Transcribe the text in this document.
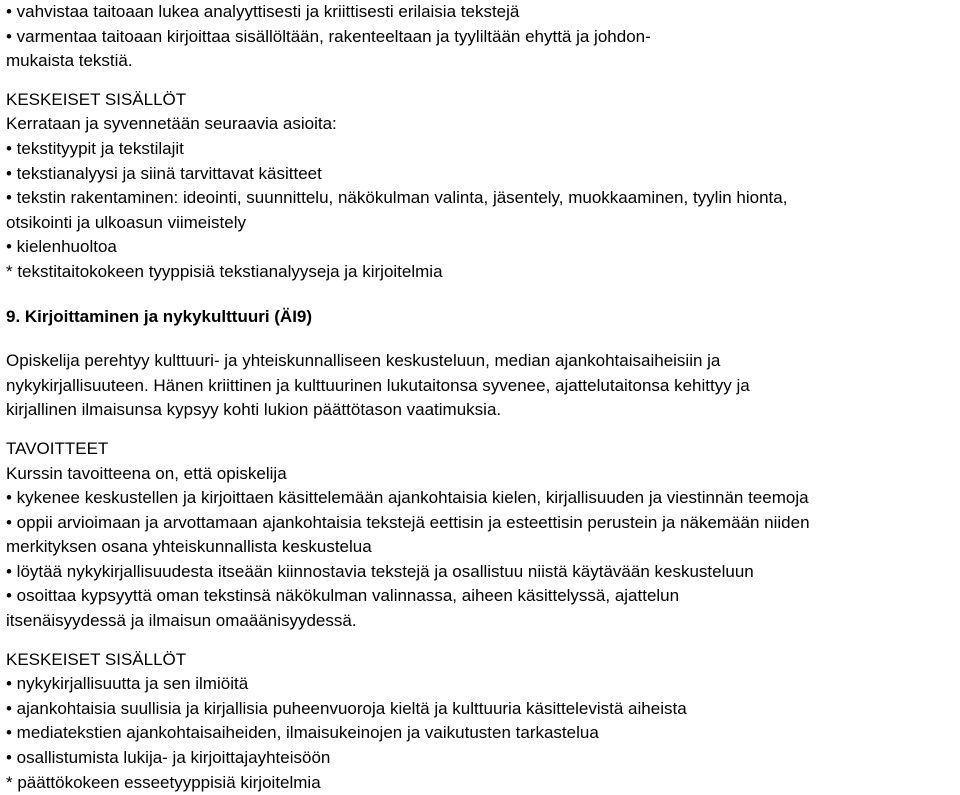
• vahvistaa taitoaan lukea analyyttisesti ja kriittisesti erilaisia tekstejä
• varmentaa taitoaan kirjoittaa sisällöltään, rakenteeltaan ja tyyliltään ehyttä ja johdon-
mukaista tekstiä.
KESKEISET SISÄLLÖT
Kerrataan ja syvennetään seuraavia asioita:
• tekstityypit ja tekstilajit
• tekstianalyysi ja siinä tarvittavat käsitteet
• tekstin rakentaminen: ideointi, suunnittelu, näkökulman valinta, jäsentely, muokkaaminen, tyylin hionta,
otsikointi ja ulkoasun viimeistely
• kielenhuoltoa
* tekstitaitokokeen tyyppisiä tekstianalyyseja ja kirjoitelmia
9. Kirjoittaminen ja nykykulttuuri (ÄI9)
Opiskelija perehtyy kulttuuri- ja yhteiskunnalliseen keskusteluun, median ajankohtaisaiheisiin ja
nykykirjallisuuteen. Hänen kriittinen ja kulttuurinen lukutaitonsa syvenee, ajattelutaitonsa kehittyy ja
kirjallinen ilmaisunsa kypsyy kohti lukion päättötason vaatimuksia.
TAVOITTEET
Kurssin tavoitteena on, että opiskelija
• kykenee keskustellen ja kirjoittaen käsittelemään ajankohtaisia kielen, kirjallisuuden ja viestinnän teemoja
• oppii arvioimaan ja arvottamaan ajankohtaisia tekstejä eettisin ja esteettisin perustein ja näkemään niiden
merkityksen osana yhteiskunnallista keskustelua
• löytää nykykirjallisuudesta itseään kiinnostavia tekstejä ja osallistuu niistä käytävään keskusteluun
• osoittaa kypsyyttä oman tekstinsä näkökulman valinnassa, aiheen käsittelyssä, ajattelun
itsenäisyydessä ja ilmaisun omaäänisyydessä.
KESKEISET SISÄLLÖT
• nykykirjallisuutta ja sen ilmiöitä
• ajankohtaisia suullisia ja kirjallisia puheenvuoroja kieltä ja kulttuuria käsittelevistä aiheista
• mediatekstien ajankohtaisaiheiden, ilmaisukeinojen ja vaikutusten tarkastelua
• osallistumista lukija- ja kirjoittajayhteisöön
* päättökokeen esseetyyppisiä kirjoitelmia
